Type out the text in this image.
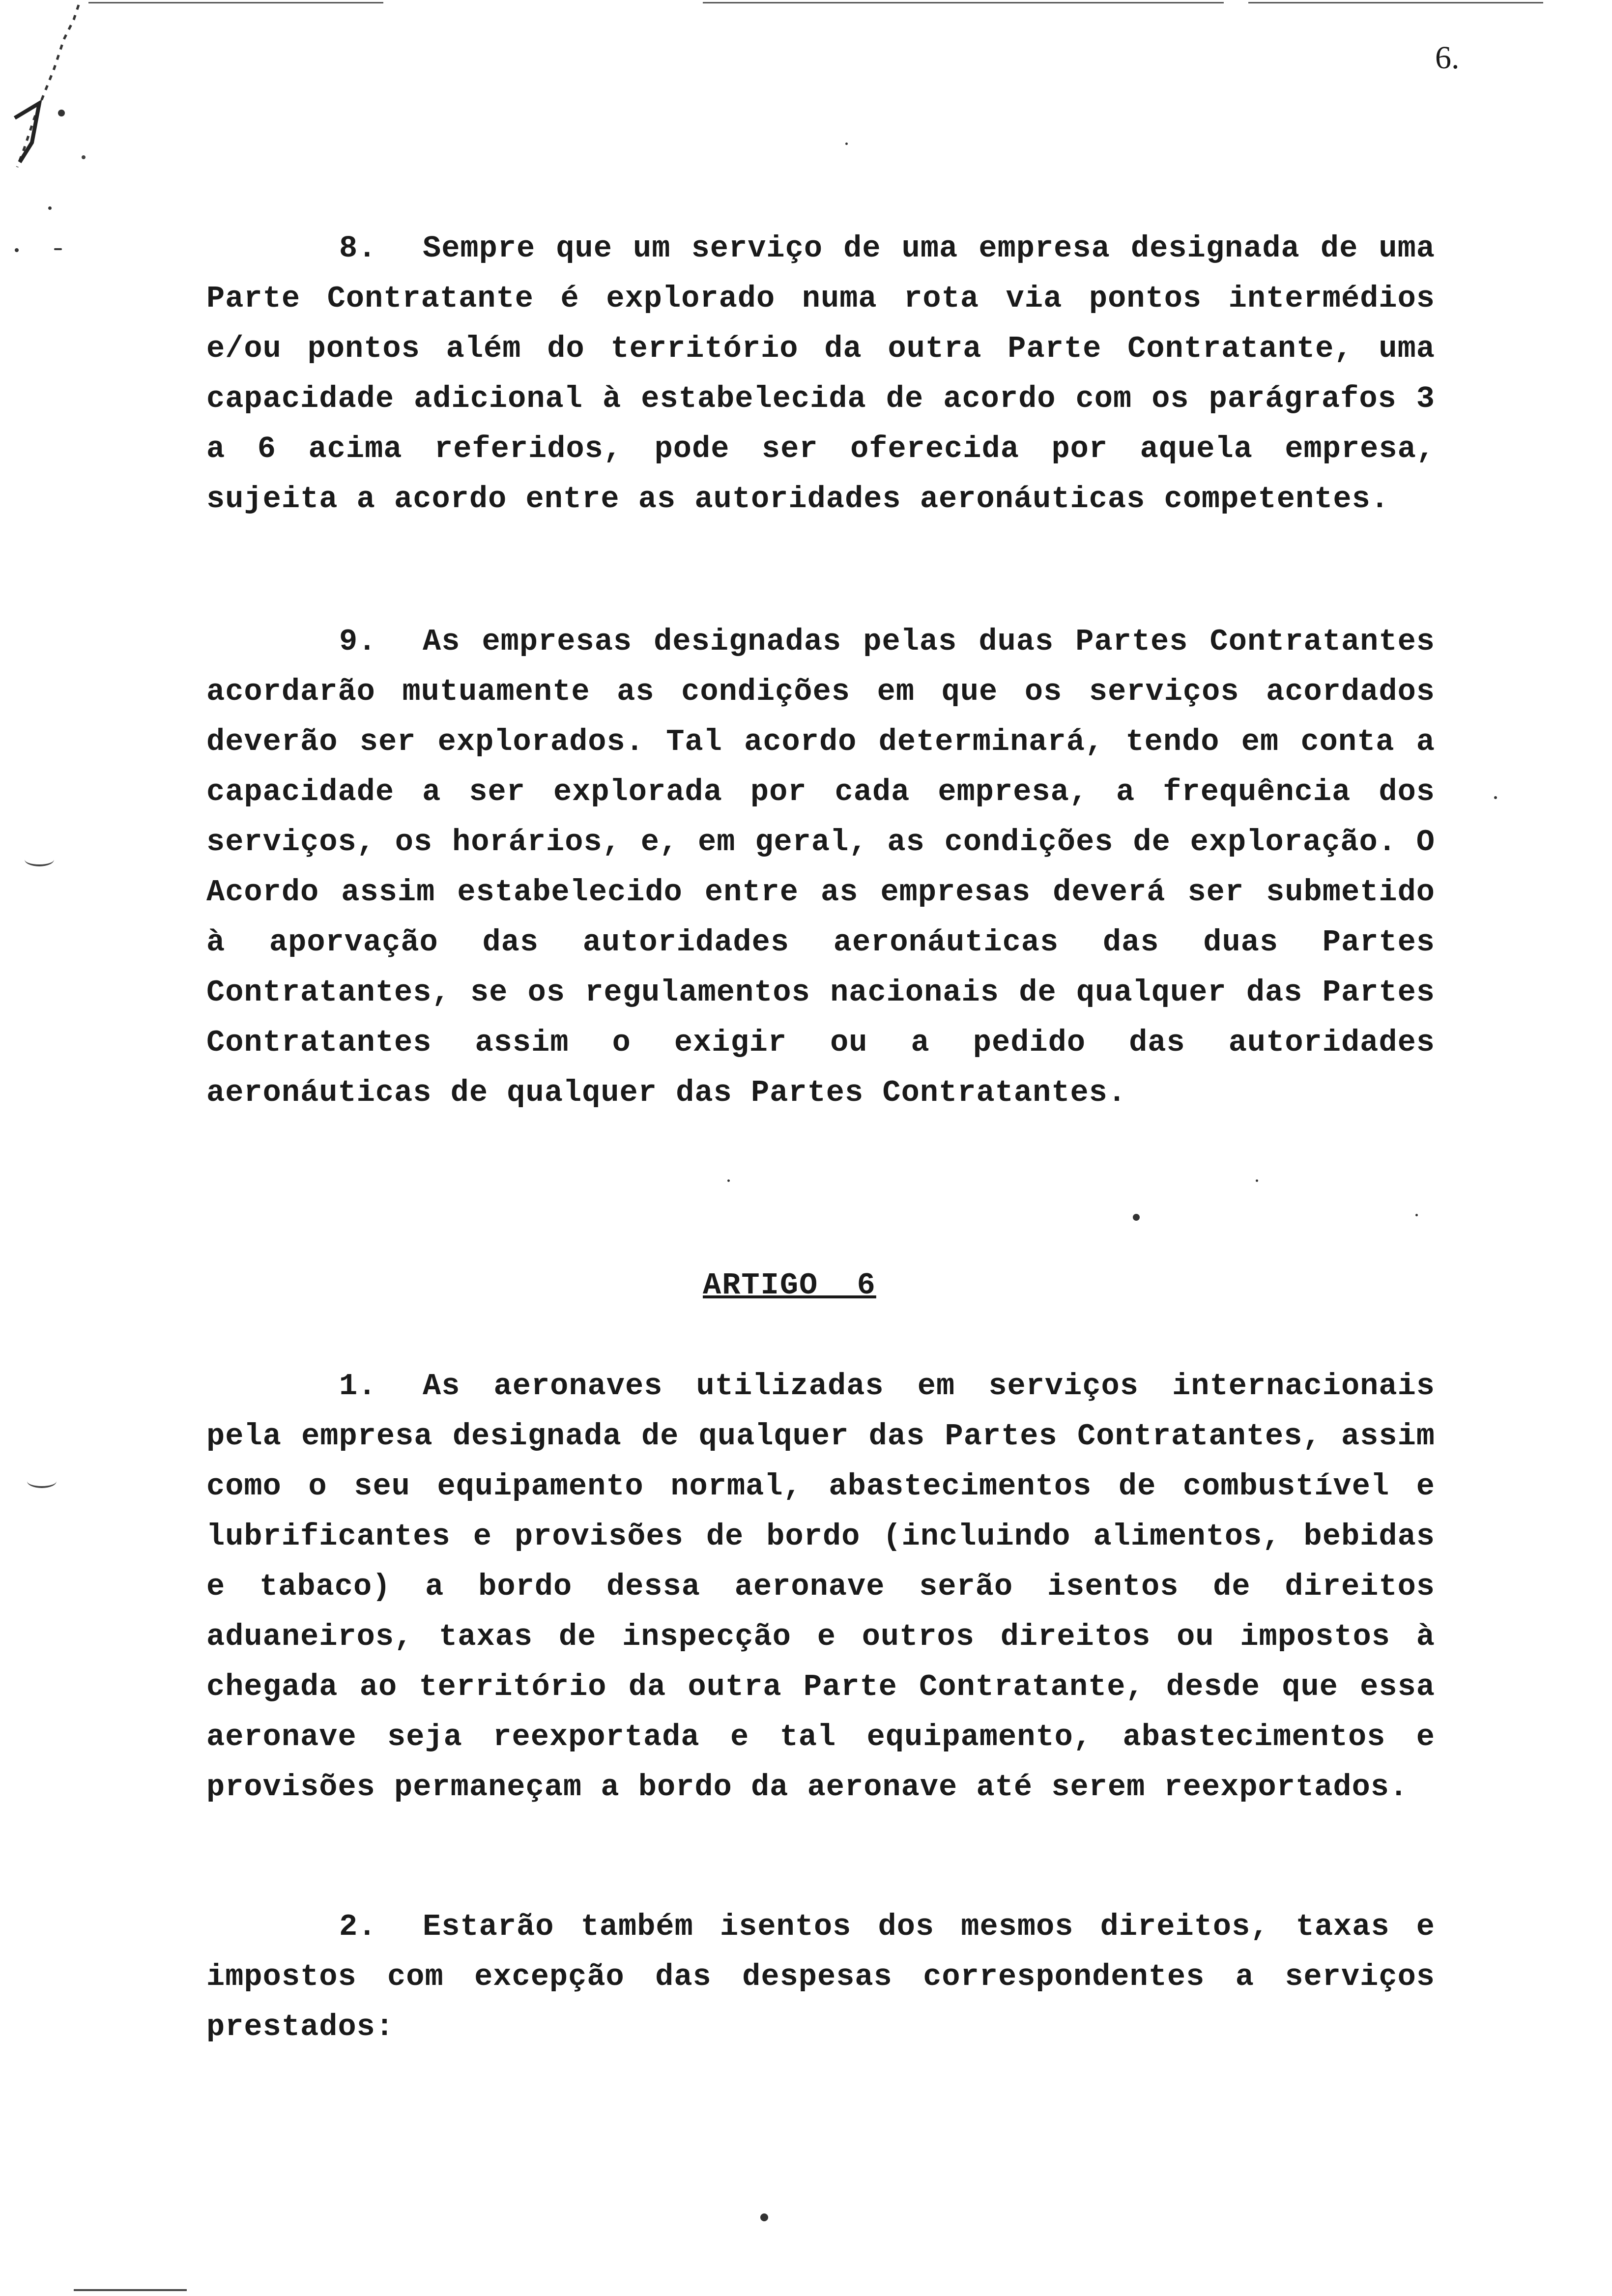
6.

8. Sempre que um serviço de uma empresa designada de uma Parte Contratante é explorado numa rota via pontos intermédios e/ou pontos além do território da outra Parte Contratante, uma capacidade adicional à estabelecida de acordo com os parágrafos 3 a 6 acima referidos, pode ser oferecida por aquela empresa, sujeita a acordo entre as autoridades aeronáuticas competentes.

9. As empresas designadas pelas duas Partes Contratantes acordarão mutuamente as condições em que os serviços acordados deverão ser explorados. Tal acordo determinará, tendo em conta a capacidade a ser explorada por cada empresa, a frequência dos serviços, os horários, e, em geral, as condições de exploração. O Acordo assim estabelecido entre as empresas deverá ser submetido à aporvação das autoridades aeronáuticas das duas Partes Contratantes, se os regulamentos nacionais de qualquer das Partes Contratantes assim o exigir ou a pedido das autoridades aeronáuticas de qualquer das Partes Contratantes.

ARTIGO  6

1. As aeronaves utilizadas em serviços internacionais pela empresa designada de qualquer das Partes Contratantes, assim como o seu equipamento normal, abastecimentos de combustível e lubrificantes e provisões de bordo (incluindo alimentos, bebidas e tabaco) a bordo dessa aeronave serão isentos de direitos aduaneiros, taxas de inspecção e outros direitos ou impostos à chegada ao território da outra Parte Contratante, desde que essa aeronave seja reexportada e tal equipamento, abastecimentos e provisões permaneçam a bordo da aeronave até serem reexportados.

2. Estarão também isentos dos mesmos direitos, taxas e impostos com excepção das despesas correspondentes a serviços prestados:
